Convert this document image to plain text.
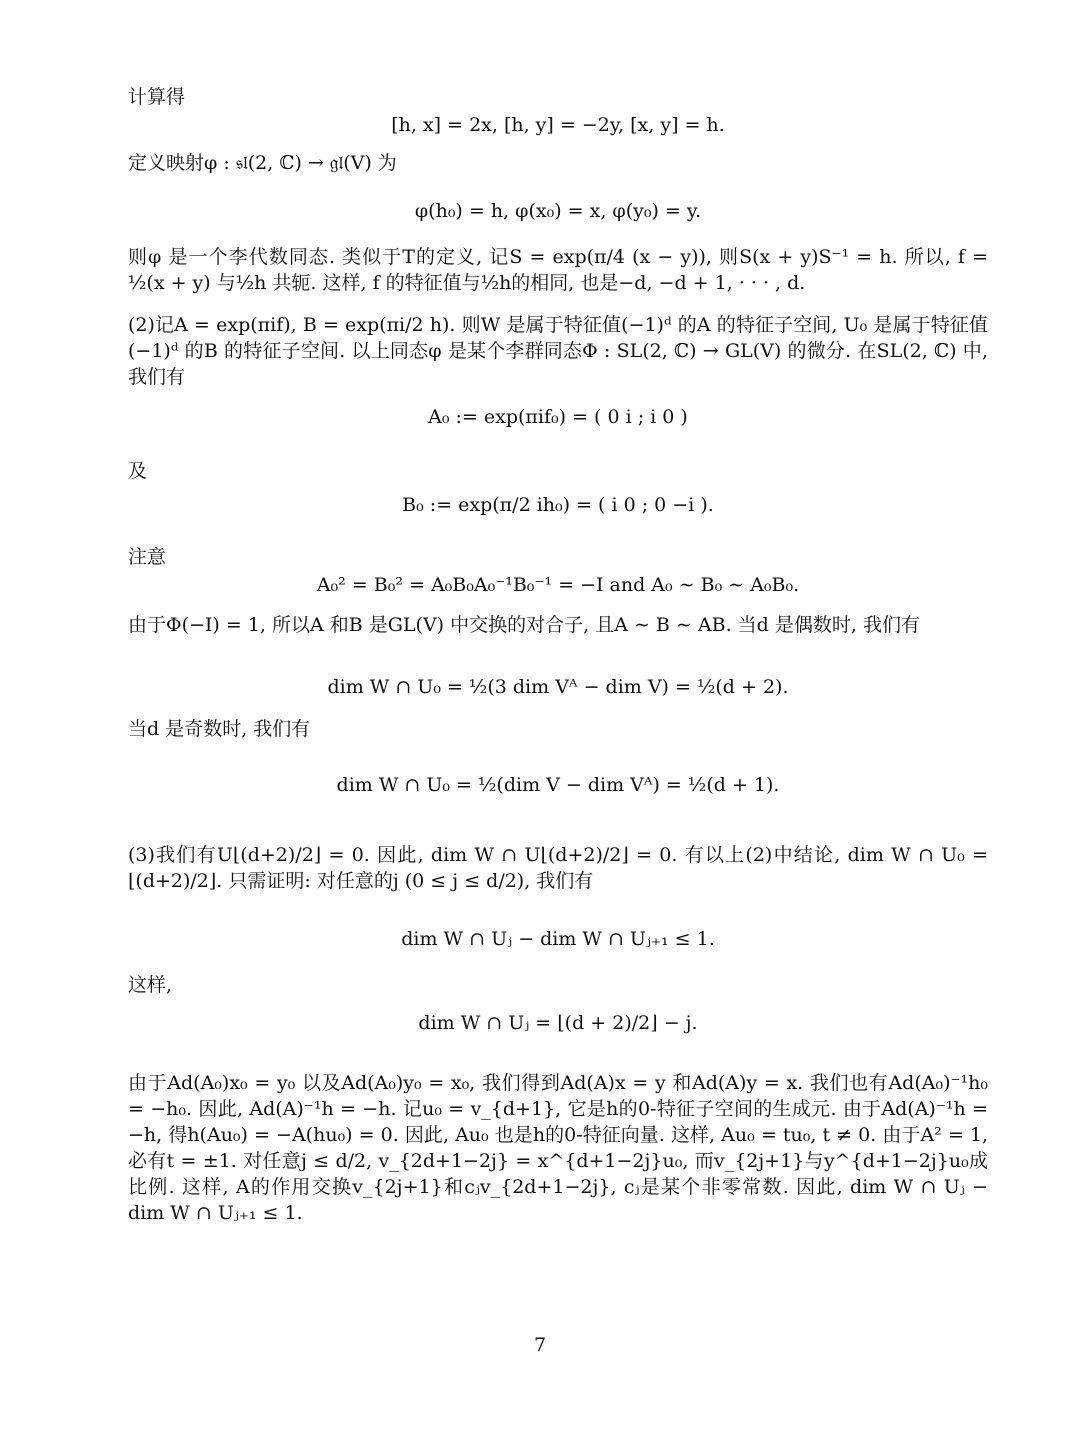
计算得
[h, x] = 2x, [h, y] = −2y, [x, y] = h.
定义映射φ : 𝔰𝔩(2, ℂ) → 𝔤𝔩(V) 为
φ(h₀) = h, φ(x₀) = x, φ(y₀) = y.
则φ 是一个李代数同态. 类似于T的定义, 记S = exp(π/4 (x − y)), 则S(x + y)S⁻¹ = h. 所以, f = ½(x + y) 与½h 共轭. 这样, f 的特征值与½h的相同, 也是−d, −d + 1, · · · , d.
(2)记A = exp(πif), B = exp(πi/2 h). 则W 是属于特征值(−1)ᵈ 的A 的特征子空间, U₀ 是属于特征值(−1)ᵈ 的B 的特征子空间. 以上同态φ 是某个李群同态Φ : SL(2, ℂ) → GL(V) 的微分. 在SL(2, ℂ) 中, 我们有
A₀ := exp(πif₀) = ( 0 i ; i 0 )
及
B₀ := exp(π/2 ih₀) = ( i 0 ; 0 −i ).
注意
A₀² = B₀² = A₀B₀A₀⁻¹B₀⁻¹ = −I and A₀ ∼ B₀ ∼ A₀B₀.
由于Φ(−I) = 1, 所以A 和B 是GL(V) 中交换的对合子, 且A ∼ B ∼ AB. 当d 是偶数时, 我们有
dim W ∩ U₀ = ½(3 dim Vᴬ − dim V) = ½(d + 2).
当d 是奇数时, 我们有
dim W ∩ U₀ = ½(dim V − dim Vᴬ) = ½(d + 1).
(3)我们有U⌊(d+2)/2⌋ = 0. 因此, dim W ∩ U⌊(d+2)/2⌋ = 0. 有以上(2)中结论, dim W ∩ U₀ = ⌊(d+2)/2⌋. 只需证明: 对任意的j (0 ≤ j ≤ d/2), 我们有
dim W ∩ Uⱼ − dim W ∩ Uⱼ₊₁ ≤ 1.
这样,
dim W ∩ Uⱼ = ⌊(d + 2)/2⌋ − j.
由于Ad(A₀)x₀ = y₀ 以及Ad(A₀)y₀ = x₀, 我们得到Ad(A)x = y 和Ad(A)y = x. 我们也有Ad(A₀)⁻¹h₀ = −h₀. 因此, Ad(A)⁻¹h = −h. 记u₀ = v_{d+1}, 它是h的0-特征子空间的生成元. 由于Ad(A)⁻¹h = −h, 得h(Au₀) = −A(hu₀) = 0. 因此, Au₀ 也是h的0-特征向量. 这样, Au₀ = tu₀, t ≠ 0. 由于A² = 1, 必有t = ±1. 对任意j ≤ d/2, v_{2d+1−2j} = x^{d+1−2j}u₀, 而v_{2j+1}与y^{d+1−2j}u₀成比例. 这样, A的作用交换v_{2j+1}和cⱼv_{2d+1−2j}, cⱼ是某个非零常数. 因此, dim W ∩ Uⱼ − dim W ∩ Uⱼ₊₁ ≤ 1.
7
